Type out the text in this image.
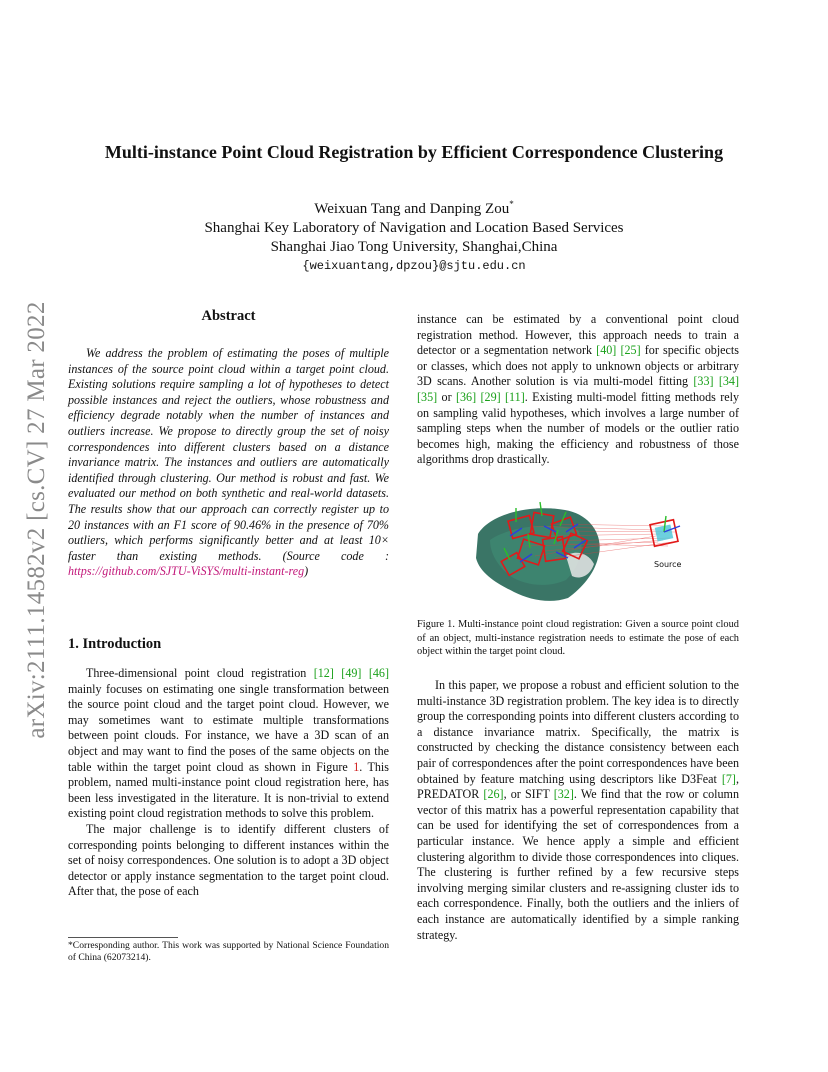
arXiv:2111.14582v2 [cs.CV] 27 Mar 2022
Multi-instance Point Cloud Registration by Efficient Correspondence Clustering
Weixuan Tang and Danping Zou*
Shanghai Key Laboratory of Navigation and Location Based Services
Shanghai Jiao Tong University, Shanghai,China
{weixuantang,dpzou}@sjtu.edu.cn
Abstract

We address the problem of estimating the poses of multiple instances of the source point cloud within a target point cloud. Existing solutions require sampling a lot of hypotheses to detect possible instances and reject the outliers, whose robustness and efficiency degrade notably when the number of instances and outliers increase. We propose to directly group the set of noisy correspondences into different clusters based on a distance invariance matrix. The instances and outliers are automatically identified through clustering. Our method is robust and fast. We evaluated our method on both synthetic and real-world datasets. The results show that our approach can correctly register up to 20 instances with an F1 score of 90.46% in the presence of 70% outliers, which performs significantly better and at least 10× faster than existing methods. (Source code : https://github.com/SJTU-ViSYS/multi-instant-reg)

1. Introduction

Three-dimensional point cloud registration [12] [49] [46] mainly focuses on estimating one single transformation between the source point cloud and the target point cloud. However, we may sometimes want to estimate multiple transformations between point clouds. For instance, we have a 3D scan of an object and may want to find the poses of the same objects on the table within the target point cloud as shown in Figure 1. This problem, named multi-instance point cloud registration here, has been less investigated in the literature. It is non-trivial to extend existing point cloud registration methods to solve this problem.

The major challenge is to identify different clusters of corresponding points belonging to different instances within the set of noisy correspondences. One solution is to adopt a 3D object detector or apply instance segmentation to the target point cloud. After that, the pose of each

*Corresponding author. This work was supported by National Science Foundation of China (62073214).

instance can be estimated by a conventional point cloud registration method. However, this approach needs to train a detector or a segmentation network [40] [25] for specific objects or classes, which does not apply to unknown objects or arbitrary 3D scans. Another solution is via multi-model fitting [33] [34] [35] or [36] [29] [11]. Existing multi-model fitting methods rely on sampling valid hypotheses, which involves a large number of sampling steps when the number of models or the outlier ratio becomes high, making the efficiency and robustness of those algorithms drop drastically.

Source
Figure 1. Multi-instance point cloud registration: Given a source point cloud of an object, multi-instance registration needs to estimate the pose of each object within the target point cloud.

In this paper, we propose a robust and efficient solution to the multi-instance 3D registration problem. The key idea is to directly group the corresponding points into different clusters according to a distance invariance matrix. Specifically, the matrix is constructed by checking the distance consistency between each pair of correspondences after the point correspondences have been obtained by feature matching using descriptors like D3Feat [7], PREDATOR [26], or SIFT [32]. We find that the row or column vector of this matrix has a powerful representation capability that can be used for identifying the set of correspondences from a particular instance. We hence apply a simple and efficient clustering algorithm to divide those correspondences into cliques. The clustering is further refined by a few recursive steps involving merging similar clusters and re-assigning cluster ids to each correspondence. Finally, both the outliers and the inliers of each instance are automatically identified by a simple ranking strategy.
